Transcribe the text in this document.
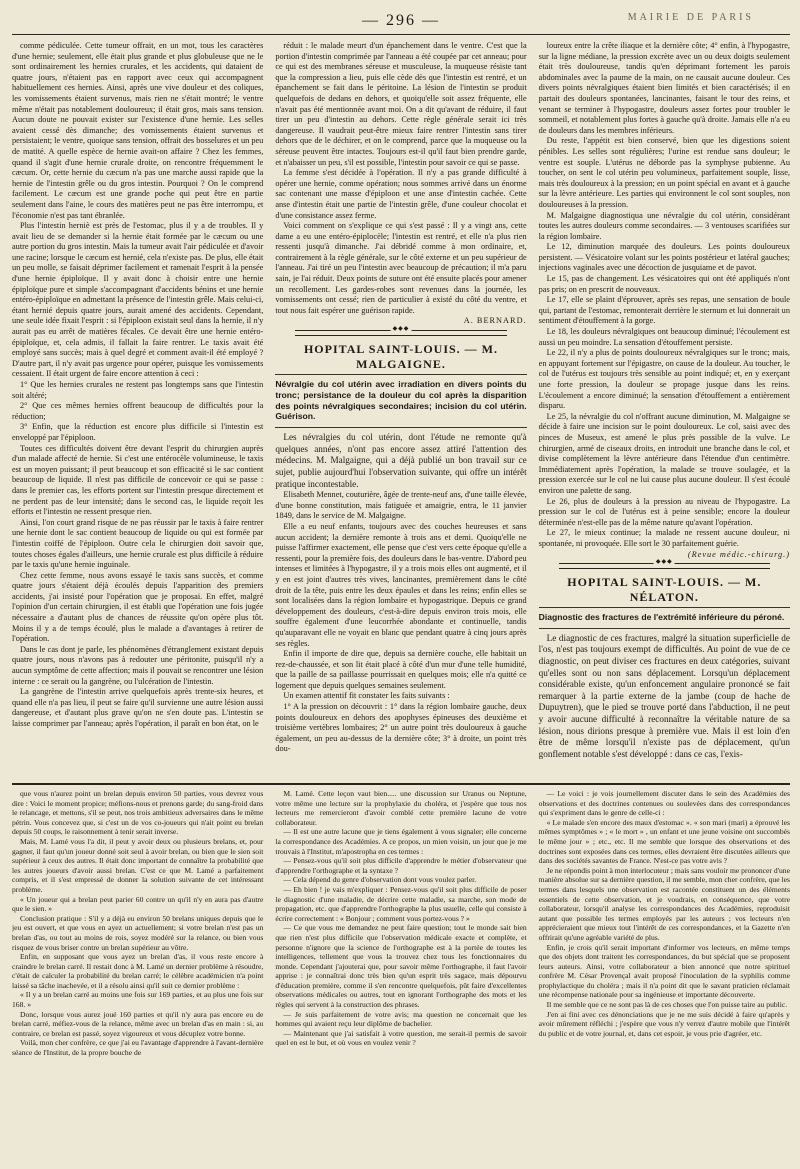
— 296 —	MAIRIE DE PARIS

comme pédiculée. Cette tumeur offrait, en un mot, tous les caractères d'une hernie; seulement, elle était plus grande et plus globuleuse que ne le sont ordinairement les hernies crurales, et les accidents, qui dataient de quatre jours, n'étaient pas en rapport avec ceux qui accompagnent habituellement ces hernies. Ainsi, après une vive douleur et des coliques, les vomissements étaient survenus, mais rien ne s'était montré; le ventre même n'était pas notablement douloureux; il était gros, mais sans tension. Aucun doute ne pouvait exister sur l'existence d'une hernie. Les selles avaient cessé dès dimanche; des vomissements étaient survenus et persistaient; le ventre, quoique sans tension, offrait des bosselures et un peu de matité. A quelle espèce de hernie avait-on affaire ? Chez les femmes, quand il s'agit d'une hernie crurale droite, on rencontre fréquemment le cæcum. Or, cette hernie du cæcum n'a pas une marche aussi rapide que la hernie de l'intestin grêle ou du gros intestin. Pourquoi ? On le comprend facilement. Le cæcum est une grande poche qui peut être en partie seulement dans l'aine, le cours des matières peut ne pas être interrompu, et l'économie n'est pas tant ébranlée.

Plus l'intestin herniè est près de l'estomac, plus il y a de troubles. Il y avait lieu de se demander si la hernie était formée par le cæcum ou une autre portion du gros intestin. Mais la tumeur avait l'air pédiculée et d'avoir une racine; lorsque le cæcum est hernié, cela n'existe pas. De plus, elle était un peu molle, se faisait déprimer facilement et ramenait l'esprit à la pensée d'une hernie épiploïque. Il y avait donc à choisir entre une hernie épiploïque pure et simple s'accompagnant d'accidents bénins et une hernie entéro-épiploïque en admettant la présence de l'intestin grêle. Mais celui-ci, étant hernié depuis quatre jours, aurait amené des accidents. Cependant, une seule idée fixait l'esprit : si l'épiploon existait seul dans la hernie, il n'y aurait pas eu arrêt de matières fécales. Ce devait être une hernie entéro-épiploïque, et, cela admis, il fallait la faire rentrer. Le taxis avait été employé sans succès; mais à quel degré et comment avait-il été employé ? D'autre part, il n'y avait pas urgence pour opérer, puisque les vomissements cessaient. Il était urgent de faire encore attention à ceci :

1° Que les hernies crurales ne restent pas longtemps sans que l'intestin soit altéré;

2° Que ces mêmes hernies offrent beaucoup de difficultés pour la réduction;

3° Enfin, que la réduction est encore plus difficile si l'intestin est enveloppé par l'épiploon.

Toutes ces difficultés doivent être devant l'esprit du chirurgien auprès d'un malade affecté de hernie. Si c'est une entérocèle volumineuse, le taxis est un moyen puissant; il peut beaucoup et son efficacité si le sac contient beaucoup de liquide. Il n'est pas difficile de concevoir ce qui se passe : dans le premier cas, les efforts portent sur l'intestin presque directement et ne perdent pas de leur intensité; dans le second cas, le liquide reçoit les efforts et l'intestin ne ressent presque rien.

Ainsi, l'on court grand risque de ne pas réussir par le taxis à faire rentrer une hernie dont le sac contient beaucoup de liquide ou qui est formée par l'intestin coiffé de l'épiploon. Outre cela le chirurgien doit savoir que, toutes choses égales d'ailleurs, une hernie crurale est plus difficile à réduire par le taxis qu'une hernie inguinale.

Chez cette femme, nous avons essayé le taxis sans succès, et comme quatre jours s'étaient déjà écoulés depuis l'apparition des premiers accidents, j'ai insisté pour l'opération que je proposai. En effet, malgré l'opinion d'un certain chirurgien, il est établi que l'opération une fois jugée nécessaire a d'autant plus de chances de réussite qu'on opère plus tôt. Moins il y a de temps écoulé, plus le malade a d'avantages à retirer de l'opération.

Dans le cas dont je parle, les phénomènes d'étranglement existant depuis quatre jours, nous n'avons pas à redouter une péritonite, puisqu'il n'y a aucun symptôme de cette affection; mais il pouvait se rencontrer une lésion interne : ce serait ou la gangrène, ou l'ulcération de l'intestin.

La gangrène de l'intestin arrive quelquefois après trente-six heures, et quand elle n'a pas lieu, il peut se faire qu'il survienne une autre lésion aussi dangereuse, et d'autant plus grave qu'on ne s'en doute pas. L'intestin se laisse comprimer par l'anneau; après l'opération, il paraît en bon état, on le

réduit : le malade meurt d'un épanchement dans le ventre. C'est que la portion d'intestin comprimée par l'anneau a été coupée par cet anneau; pour ce qui est des membranes séreuse et musculeuse, la muqueuse résiste tant que la compression a lieu, puis elle cède dès que l'intestin est rentré, et un épanchement se fait dans le péritoine. La lésion de l'intestin se produit quelquefois de dedans en dehors, et quoiqu'elle soit assez fréquente, elle n'avait pas été mentionnée avant moi. On a dit qu'avant de réduire, il faut tirer un peu d'intestin au dehors. Cette règle générale serait ici très dangereuse. Il vaudrait peut-être mieux faire rentrer l'intestin sans tirer dehors que de le déchirer, et on le comprend, parce que la muqueuse ou la séreuse peuvent être intactes. Toujours est-il qu'il faut bien prendre garde, et n'abaisser un peu, s'il est possible, l'intestin pour savoir ce qui se passe.

La femme s'est décidée à l'opération. Il n'y a pas grande difficulté à opérer une hernie, comme opération; nous sommes arrivé dans un énorme sac contenant une masse d'épiploon et une anse d'intestin cachée. Cette anse d'intestin était une partie de l'intestin grêle, d'une couleur chocolat et d'une consistance assez ferme.

Voici comment on s'explique ce qui s'est passé : Il y a vingt ans, cette dame a eu une entéro-épiplocèle; l'intestin est rentré, et elle n'a plus rien ressenti jusqu'à dimanche. J'ai débridé comme à mon ordinaire, et, contrairement à la règle générale, sur le côté externe et un peu supérieur de l'anneau. J'ai tiré un peu l'intestin avec beaucoup de précaution; il m'a paru sain, je l'ai réduit. Deux points de suture ont été ensuite placés pour amener un recollement. Les gardes-robes sont revenues dans la journée, les vomissements ont cessé; rien de particulier à existé du côté du ventre, et tout nous fait espérer une guérison rapide.

A. BERNARD.

◆◆◆
HOPITAL SAINT-LOUIS. — M. MALGAIGNE.

Névralgie du col utérin avec irradiation en divers points du tronc; persistance de la douleur du col après la disparition des points névralgiques secondaires; incision du col utérin. Guérison.

Les névralgies du col utérin, dont l'étude ne remonte qu'à quelques années, n'ont pas encore assez attiré l'attention des médecins. M. Malgaigne, qui a déjà publié un bon travail sur ce sujet, publie aujourd'hui l'observation suivante, qui offre un intérêt pratique incontestable.

Elisabeth Mennet, couturière, âgée de trente-neuf ans, d'une taille élevée, d'une bonne constitution, mais fatiguée et amaigrie, entra, le 11 janvier 1849, dans le service de M. Malgaigne.

Elle a eu neuf enfants, toujours avec des couches heureuses et sans aucun accident; la dernière remonte à trois ans et demi. Quoiqu'elle ne puisse l'affirmer exactement, elle pense que c'est vers cette époque qu'elle a ressenti, pour la première fois, des douleurs dans le bas-ventre. D'abord peu intenses et limitées à l'hypogastre, il y a trois mois elles ont augmenté, et il y en est joint d'autres très vives, lancinantes, premièrement dans le côté droit de la tête, puis entre les deux épaules et dans les reins; enfin elles se sont localisées dans la région lombaire et hypogastrique. Depuis ce grand développement des douleurs, c'est-à-dire depuis environ trois mois, elle souffre également d'une leucorrhée abondante et continuelle, tandis qu'auparavant elle ne voyait en blanc que pendant quatre à cinq jours après ses règles.

Enfin il importe de dire que, depuis sa dernière couche, elle habitait un rez-de-chaussée, et son lit était placé à côté d'un mur d'une telle humidité, que la paille de sa paillasse pourrissait en quelques mois; elle n'a quitté ce logement que depuis quelques semaines seulement.

Un examen attentif fit constater les faits suivants :

1° A la pression on découvrit : 1° dans la région lombaire gauche, deux points douloureux en dehors des apophyses épineuses des deuxième et troisième vertèbres lombaires; 2° un autre point très douloureux à gauche également, un peu au-dessus de la dernière côte; 3° à droite, un point très dou-

loureux entre la crête iliaque et la dernière côte; 4° enfin, à l'hypogastre, sur la ligne médiane, la pression excrète avec un ou deux doigts seulement était très douloureuse, tandis qu'en déprimant fortement les parois abdominales avec la paume de la main, on ne causait aucune douleur. Ces divers points névralgiques étaient bien limités et bien caractérisés; il en partait des douleurs spontanées, lancinantes, faisant le tour des reins, et venant se terminer à l'hypogastre, douleurs assez fortes pour troubler le sommeil, et notablement plus fortes à gauche qu'à droite. Jamais elle n'a eu de douleurs dans les membres inférieurs.

Du reste, l'appétit est bien conservé, bien que les digestions soient pénibles. Les selles sont régulières; l'urine est rendue sans douleur; le ventre est souple. L'utérus ne déborde pas la symphyse pubienne. Au toucher, on sent le col utérin peu volumineux, parfaitement souple, lisse, mais très douloureux à la pression; en un point spécial en avant et à gauche sur la lèvre antérieure. Les parties qui environnent le col sont souples, non douloureuses à la pression.

M. Malgaigne diagnostiqua une névralgie du col utérin, considérant toutes les autres douleurs comme secondaires. — 3 ventouses scarifiées sur la région lombaire.

Le 12, diminution marquée des douleurs. Les points douloureux persistent. — Vésicatoire volant sur les points postérieur et latéral gauches; injections vaginales avec une décoction de jusquiame et de pavot.

Le 15, pas de changement. Les vésicatoires qui ont été appliqués n'ont pas pris; on en prescrit de nouveaux.

Le 17, elle se plaint d'éprouver, après ses repas, une sensation de boule qui, partant de l'estomac, remonterait derrière le sternum et lui donnerait un sentiment d'étouffement à la gorge.

Le 18, les douleurs névralgiques ont beaucoup diminué; l'écoulement est aussi un peu moindre. La sensation d'étouffement persiste.

Le 22, il n'y a plus de points douloureux névralgiques sur le tronc; mais, en appuyant fortement sur l'épigastre, on cause de la douleur. Au toucher, le col de l'utérus est toujours très sensible au point indiqué; et, en y exerçant une forte pression, la douleur se propage jusque dans les reins. L'écoulement a encore diminué; la sensation d'étouffement a entièrement disparu.

Le 25, la névralgie du col n'offrant aucune diminution, M. Malgaigne se décide à faire une incision sur le point douloureux. Le col, saisi avec des pinces de Museux, est amené le plus près possible de la vulve. Le chirurgien, armé de ciseaux droits, en introduit une branche dans le col, et divise complètement la lèvre antérieure dans l'étendue d'un centimètre. Immédiatement après l'opération, la malade se trouve soulagée, et la pression exercée sur le col ne lui cause plus aucune douleur. Il s'est écoulé environ une palette de sang.

Le 26, plus de douleurs à la pression au niveau de l'hypogastre. La pression sur le col de l'utérus est à peine sensible; encore la douleur déterminée n'est-elle pas de la même nature qu'avant l'opération.

Le 27, le mieux continue; la malade ne ressent aucune douleur, ni spontanée, ni provoquée. Elle sort le 30 parfaitement guérie.

(Revue médic.-chirurg.)

◆◆◆
HOPITAL SAINT-LOUIS. — M. NÉLATON.

Diagnostic des fractures de l'extrémité inférieure du péroné.

Le diagnostic de ces fractures, malgré la situation superficielle de l'os, n'est pas toujours exempt de difficultés. Au point de vue de ce diagnostic, on peut diviser ces fractures en deux catégories, suivant qu'elles sont ou non sans déplacement. Lorsqu'un déplacement considérable existe, qu'un enfoncement angulaire prononcé se fait remarquer à la partie externe de la jambe (coup de hache de Dupuytren), que le pied se trouve porté dans l'abduction, il ne peut y avoir aucune difficulté à reconnaître la véritable nature de sa lésion, nous dirions presque à première vue. Mais il est loin d'en être de même lorsqu'il n'existe pas de déplacement, qu'un gonflement notable s'est développé : dans ce cas, l'exis-

que vous n'aurez point un brelan depuis environ 50 parties, vous devrez vous dire : Voici le moment propice; méfions-nous et prenons garde; du sang-froid dans le relancage, et mettons, s'il se peut, nos trois ambitieux adversaires dans le même pétrin. Vous concevez que, si c'est un de vos co-joueurs qui n'ait point eu brelan depuis 50 coups, le raisonnement à tenir serait inverse.

Mais, M. Lamé vous l'a dit, il peut y avoir deux ou plusieurs brelans, et, pour gagner, il faut qu'un joueur donné soit seul à avoir brelan, ou bien que le sien soit supérieur à ceux des autres. Il était donc important de connaître la probabilité que les autres joueurs d'avoir aussi brelan. C'est ce que M. Lamé a parfaitement compris, et il s'est empressé de donner la solution suivante de cet intéressant problème.

« Un joueur qui a brelan peut parier 60 contre un qu'il n'y en aura pas d'autre que le sien. »

Conclusion pratique : S'il y a déjà eu environ 50 brelans uniques depuis que le jeu est ouvert, et que vous en ayez un actuellement; si votre brelan n'est pas un brelan d'as, ou tout au moins de rois, soyez modéré sur la relance, ou bien vous risquez de vous briser contre un brelan supérieur au vôtre.

Enfin, en supposant que vous ayez un brelan d'as, il vous reste encore à craindre le brelan carré. Il restait donc à M. Lamé un dernier problème à résoudre, c'était de calculer la probabilité du brelan carré; le célèbre académicien n'a point laissé sa tâche inachevée, et il a résolu ainsi qu'il suit ce dernier problème :

« Il y a un brelan carré au moins une fois sur 169 parties, et au plus une fois sur 168. »

Donc, lorsque vous aurez joué 160 parties et qu'il n'y aura pas encore eu de brelan carré, méfiez-vous de la relance, même avec un brelan d'as en main : si, au contraire, ce brelan est passé, soyez vigoureux et vous décuplez votre bonne.

Voilà, mon cher confrère, ce que j'ai eu l'avantage d'apprendre à l'avant-dernière séance de l'Institut, de la propre bouche de

M. Lamé. Cette leçon vaut bien..... une discussion sur Uranus ou Neptune, votre même une lecture sur la prophylaxie du choléra, et j'espère que tous nos lecteurs me remercieront d'avoir comblé cette première lacune de votre collaborateur.

— Il est une autre lacune que je tiens également à vous signaler; elle concerne la correspondance des Académies. A ce propos, un mien voisin, un jour que je me trouvais à l'Institut, m'apostropha en ces termes :

— Pensez-vous qu'il soit plus difficile d'apprendre le métier d'observateur que d'apprendre l'orthographe et la syntaxe ?

— Cela dépend du genre d'observation dont vous voulez parler.

— Eh bien ! je vais m'expliquer : Pensez-vous qu'il soit plus difficile de poser le diagnostic d'une maladie, de décrire cette maladie, sa marche, son mode de propagation, etc. que d'apprendre l'orthographe la plus usuelle, celle qui consiste à écrire correctement : « Bonjour ; comment vous portez-vous ? »

— Ce que vous me demandez ne peut faire question; tout le monde sait bien que rien n'est plus difficile que l'observation médicale exacte et complète, et personne n'ignore que la science de l'orthographe est à la portée de toutes les intelligences, tellement que vous la trouvez chez tous les fonctionnaires du monde. Cependant j'ajouterai que, pour savoir même l'orthographe, il faut l'avoir apprise : je connaîtrai donc très bien qu'un esprit très sagace, mais dépourvu d'éducation première, comme il s'en rencontre quelquefois, pût faire d'excellentes observations médicales ou autres, tout en ignorant l'orthographe des mots et les règles qui servent à la construction des phrases.

— Je suis parfaitement de votre avis; ma question ne concernait que les hommes qui avaient reçu leur diplôme de bachelier.

— Maintenant que j'ai satisfait à votre question, me serait-il permis de savoir quel en est le but, et où vous en voulez venir ?

— Le voici : je vois journellement discuter dans le sein des Académies des observations et des doctrines contenues ou soulevées dans des correspondances qui s'expriment dans le genre de celle-ci :

« Le malade s'en encore des maux d'estomac ». « son mari (mari) a éprouvé les mêmes symptômes » ; « le mort » , un enfant et une jeune voisine ont succombés le même jour » ; etc., etc. Il me semble que lorsque des observations et des doctrines sont exposées dans ces termes, elles devraient être discutées ailleurs que dans des sociétés savantes de France. N'est-ce pas votre avis ?

Je ne répondis point à mon interlocuteur ; mais sans vouloir me prononcer d'une manière absolue sur sa dernière question, il me semble, mon cher confrère, que les termes dans lesquels une observation est racontée constituent un des éléments essentiels de cette observation, et je voudrais, en conséquence, que votre collaborateur, lorsqu'il analyse les correspondances des Académies, reproduisit autant que possible les termes employés par les auteurs ; vos lecteurs n'en apprécieraient que mieux tout l'intérêt de ces correspondances, et la Gazette n'en offrirait qu'une agréable variété de plus.

Enfin, je crois qu'il serait important d'informer vos lecteurs, en même temps que des objets dont traitent les correspondances, du but spécial que se proposent leurs auteurs. Ainsi, votre collaborateur a bien annoncé que notre spirituel confrère M. César Provençal avait proposé l'inoculation de la syphilis comme prophylactique du choléra ; mais il n'a point dit que le savant praticien réclamait une récompense nationale pour sa ingénieuse et importante découverte.

Il me semble que ce ne sont pas là de ces choses que l'on puisse taire au public.

J'en ai fini avec ces dénonciations que je ne me suis décidé à faire qu'après y avoir mûrement réfléchi ; j'espère que vous n'y verrez d'autre mobile que l'intérêt du public et de votre journal, et, dans cet espoir, je vous prie d'agréer, etc.
